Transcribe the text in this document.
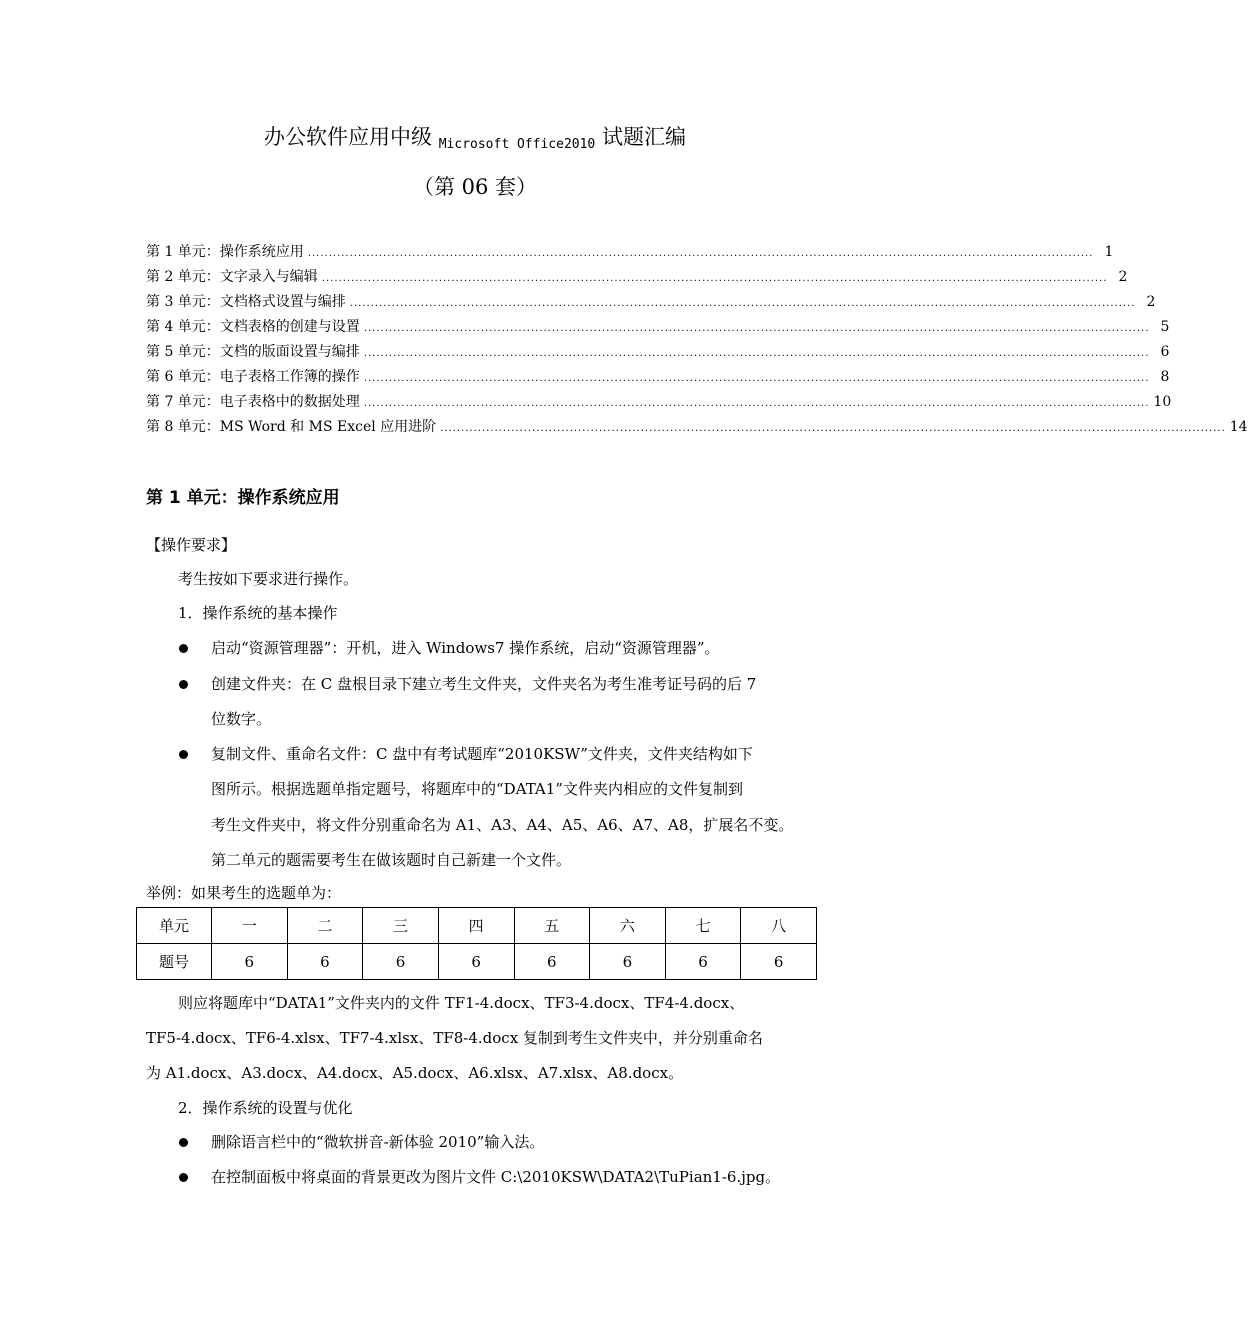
办公软件应用中级 Microsoft Office2010 试题汇编
（第 06 套）
第 1 单元：操作系统应用 ............................................................................................................................................................................................ 1
第 2 单元：文字录入与编辑 ............................................................................................................................................................................................ 2
第 3 单元：文档格式设置与编排 ............................................................................................................................................................................................ 2
第 4 单元：文档表格的创建与设置 ............................................................................................................................................................................................ 5
第 5 单元：文档的版面设置与编排 ............................................................................................................................................................................................ 6
第 6 单元：电子表格工作簿的操作 ............................................................................................................................................................................................ 8
第 7 单元：电子表格中的数据处理 ............................................................................................................................................................................................ 10
第 8 单元：MS Word 和 MS Excel 应用进阶 ............................................................................................................................................................................................ 14
第 1 单元：操作系统应用
【操作要求】
考生按如下要求进行操作。
1．操作系统的基本操作
启动“资源管理器”：开机，进入 Windows7 操作系统，启动“资源管理器”。
创建文件夹：在 C 盘根目录下建立考生文件夹，文件夹名为考生准考证号码的后 7
位数字。
复制文件、重命名文件：C 盘中有考试题库“2010KSW”文件夹，文件夹结构如下
图所示。根据选题单指定题号，将题库中的“DATA1”文件夹内相应的文件复制到
考生文件夹中，将文件分别重命名为 A1、A3、A4、A5、A6、A7、A8，扩展名不变。
第二单元的题需要考生在做该题时自己新建一个文件。
举例：如果考生的选题单为：
单元	一	二	三	四	五	六	七	八
题号	6	6	6	6	6	6	6	6
则应将题库中“DATA1”文件夹内的文件 TF1-4.docx、TF3-4.docx、TF4-4.docx、
TF5-4.docx、TF6-4.xlsx、TF7-4.xlsx、TF8-4.docx 复制到考生文件夹中，并分别重命名
为 A1.docx、A3.docx、A4.docx、A5.docx、A6.xlsx、A7.xlsx、A8.docx。
2．操作系统的设置与优化
删除语言栏中的“微软拼音-新体验 2010”输入法。
在控制面板中将桌面的背景更改为图片文件 C:\2010KSW\DATA2\TuPian1-6.jpg。
